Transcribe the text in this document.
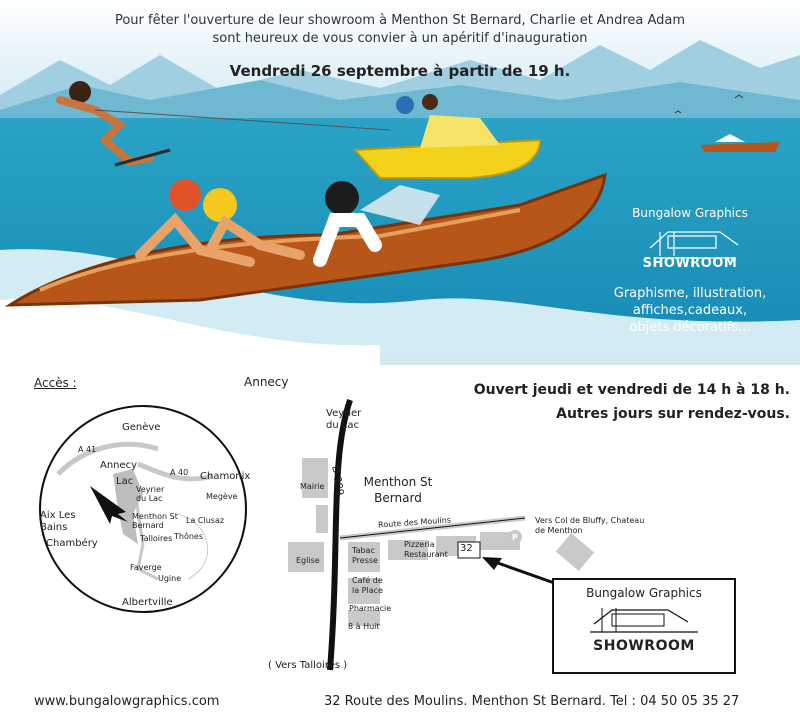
Pour fêter l'ouverture de leur showroom à Menthon St Bernard, Charlie et Andrea Adam
sont heureux de vous convier à un apéritif d'inauguration
Vendredi 26 septembre à partir de 19 h.
Bungalow Graphics
SHOWROOM
Graphisme, illustration,
affiches,cadeaux,
objets décoratifs...
Accès :
Genève
A 41
Annecy
Lac
A 40 Chamonix
Veyrier du Lac	Megève
Aix Les Bains
Menthon St Bernard
La Clusaz
Talloires Thônes
Chambéry
Faverge
Ugine
Albertville
Annecy
Veyrier du Lac
D 909	Menthon St Bernard
Mairie
Route des Moulins	Vers Col de Bluffy, Chateau de Menthon
Eglise
Tabac Presse
Pizzeria Restaurant
32
P
Café de la Place
Pharmacie
8 à Huit
( Vers Talloires )
Ouvert jeudi et vendredi de 14 h à 18 h.
Autres jours sur rendez-vous.
Bungalow Graphics
SHOWROOM
www.bungalowgraphics.com	32 Route des Moulins. Menthon St Bernard. Tel : 04 50 05 35 27
